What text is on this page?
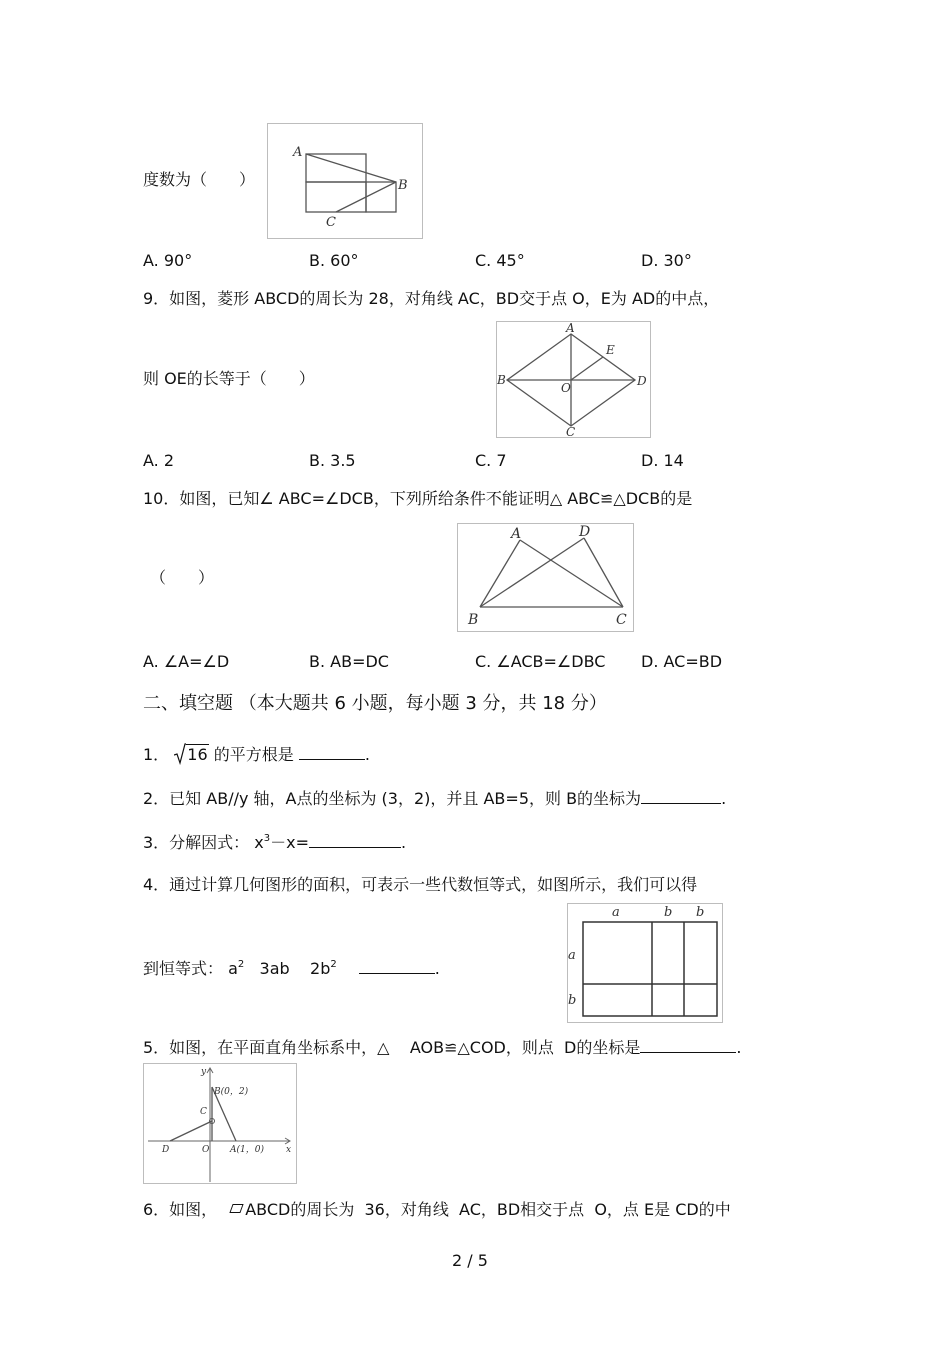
度数为（　　）
A
B
C
A. 90°	B. 60°	C. 45°	D. 30°
9．如图，菱形 ABCD的周长为 28，对角线 AC，BD交于点 O，E为 AD的中点，
则 OE的长等于（　　）
A
B
C
D
E
O
A. 2	B. 3.5	C. 7	D. 14
10．如图，已知∠ ABC=∠DCB，下列所给条件不能证明△ ABC≌△DCB的是
（　　）
A	D
B	C
A. ∠A=∠D	B. AB=DC	C. ∠ACB=∠DBC D. AC=BD
二、填空题 （本大题共 6 小题，每小题 3 分，共 18 分）
1． 16 的平方根是	.
2．已知 AB//y 轴，A点的坐标为 (3，2)，并且 AB=5，则 B的坐标为	.
3．分解因式： $x^3-x=$	.
4．通过计算几何图形的面积，可表示一些代数恒等式，如图所示，我们可以得
到恒等式： $a^2$   3ab    $2b^2$	.
a	b b
a
b
5．如图，在平面直角坐标系中，△    AOB≌△COD，则点  D的坐标是	.
y
B(0，2)
C
D	O A(1，0) x
6．如图， ABCD的周长为  36，对角线  AC，BD相交于点  O，点 E是 CD的中
2 / 5
